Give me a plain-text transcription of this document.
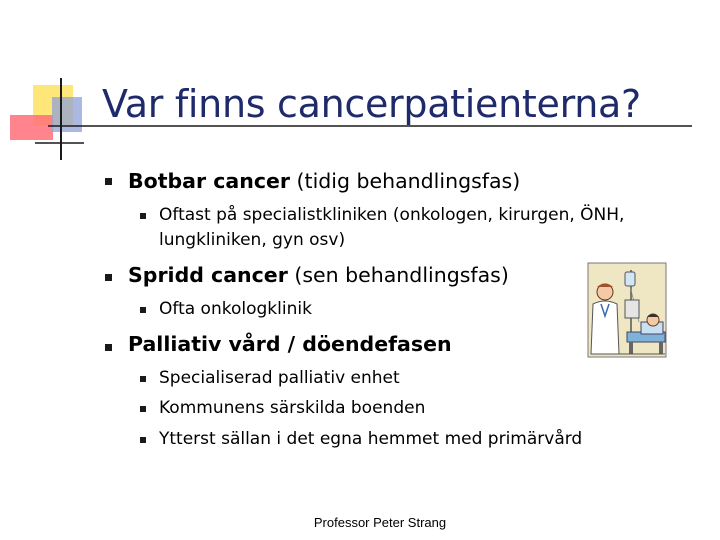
Var finns cancerpatienterna?
Botbar cancer (tidig behandlingsfas)
Oftast på specialistkliniken (onkologen, kirurgen, ÖNH, lungkliniken, gyn osv)
Spridd cancer (sen behandlingsfas)
Ofta onkologklinik
Palliativ vård / döendefasen
Specialiserad palliativ enhet
Kommunens särskilda boenden
Ytterst sällan i det egna hemmet med primärvård
Professor Peter Strang
